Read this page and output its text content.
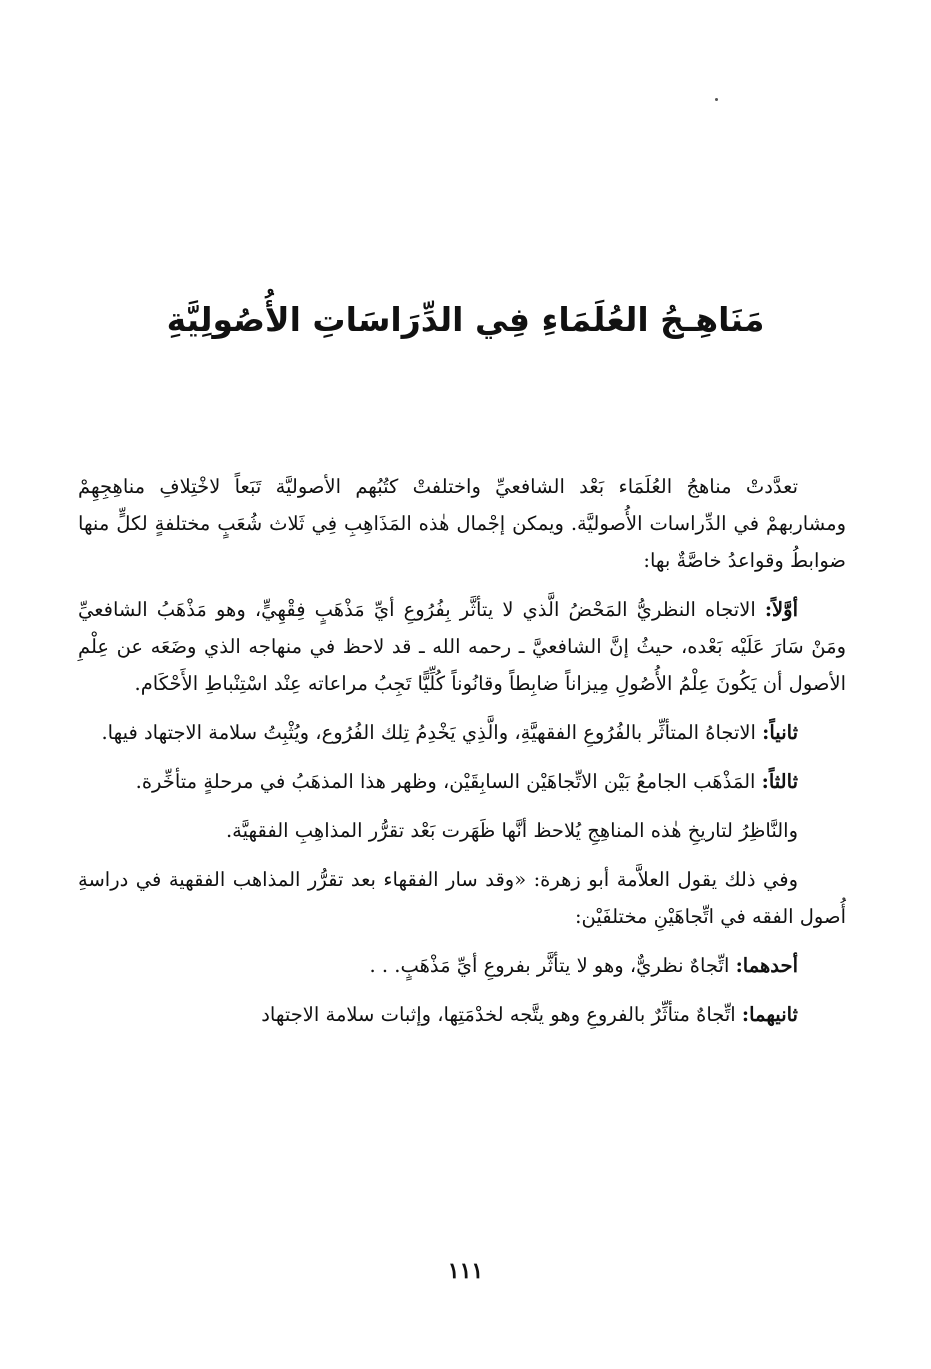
مَنَاهِـجُ العُلَمَاءِ فِي الدِّرَاسَاتِ الأُصُولِيَّةِ

تعدَّدتْ مناهجُ العُلَمَاء بَعْد الشافعيِّ واختلفتْ كتُبُهم الأصوليَّة تَبَعاً لاخْتِلافِ مناهِجِهِمْ ومشاربهمْ في الدِّراسات الأُصوليَّة. ويمكن إجْمال هٰذه المَذَاهِبِ فِي ثَلاث شُعَبٍ مختلفةٍ لكلٍّ منها ضوابطُ وقواعدُ خاصَّةٌ بها:

أوَّلاً: الاتجاه النظريُّ المَحْضُ الَّذي لا يتأثَّر بِفُرُوعِ أيِّ مَذْهَبٍ فِقْهِيٍّ، وهو مَذْهَبُ الشافعيِّ ومَنْ سَارَ عَلَيْه بَعْده، حيثُ إنَّ الشافعيَّ ـ رحمه الله ـ قد لاحظ في منهاجه الذي وضَعَه عن عِلْمِ الأصول أن يَكُونَ عِلْمُ الأُصُولِ مِيزاناً ضابِطاً وقانُوناً كُلِّيًّا تَجِبُ مراعاته عِنْد اسْتِنْباطِ الأَحْكَام.

ثانياً: الاتجاهُ المتأثِّر بالفُرُوعِ الفقهيَّةِ، والَّذِي يَخْدِمُ تِلك الفُرُوع، ويُثْبِتُ سلامة الاجتهاد فيها.

ثالثاً: المَذْهَب الجامعُ بَيْن الاتِّجاهَيْن السابِقَيْن، وظهر هذا المذهَبُ في مرحلةٍ متأخِّرة.

والنَّاظِرُ لتاريخِ هٰذه المناهِجِ يُلاحظ أنَّها ظَهَرت بَعْد تقرُّر المذاهِبِ الفقهيَّة.

وفي ذلك يقول العلاَّمة أبو زهرة: «وقد سار الفقهاء بعد تقرُّر المذاهب الفقهية في دراسةِ أُصول الفقه في اتِّجاهَيْنِ مختلفَيْن:

أحدهما: اتِّجاهٌ نظريٌّ، وهو لا يتأثَّر بفروعِ أيِّ مَذْهَبٍ. . .

ثانيهما: اتِّجاهٌ متأثِّرٌ بالفروعِ وهو يتَّجه لخدْمَتِها، وإثبات سلامة الاجتهاد

١١١
